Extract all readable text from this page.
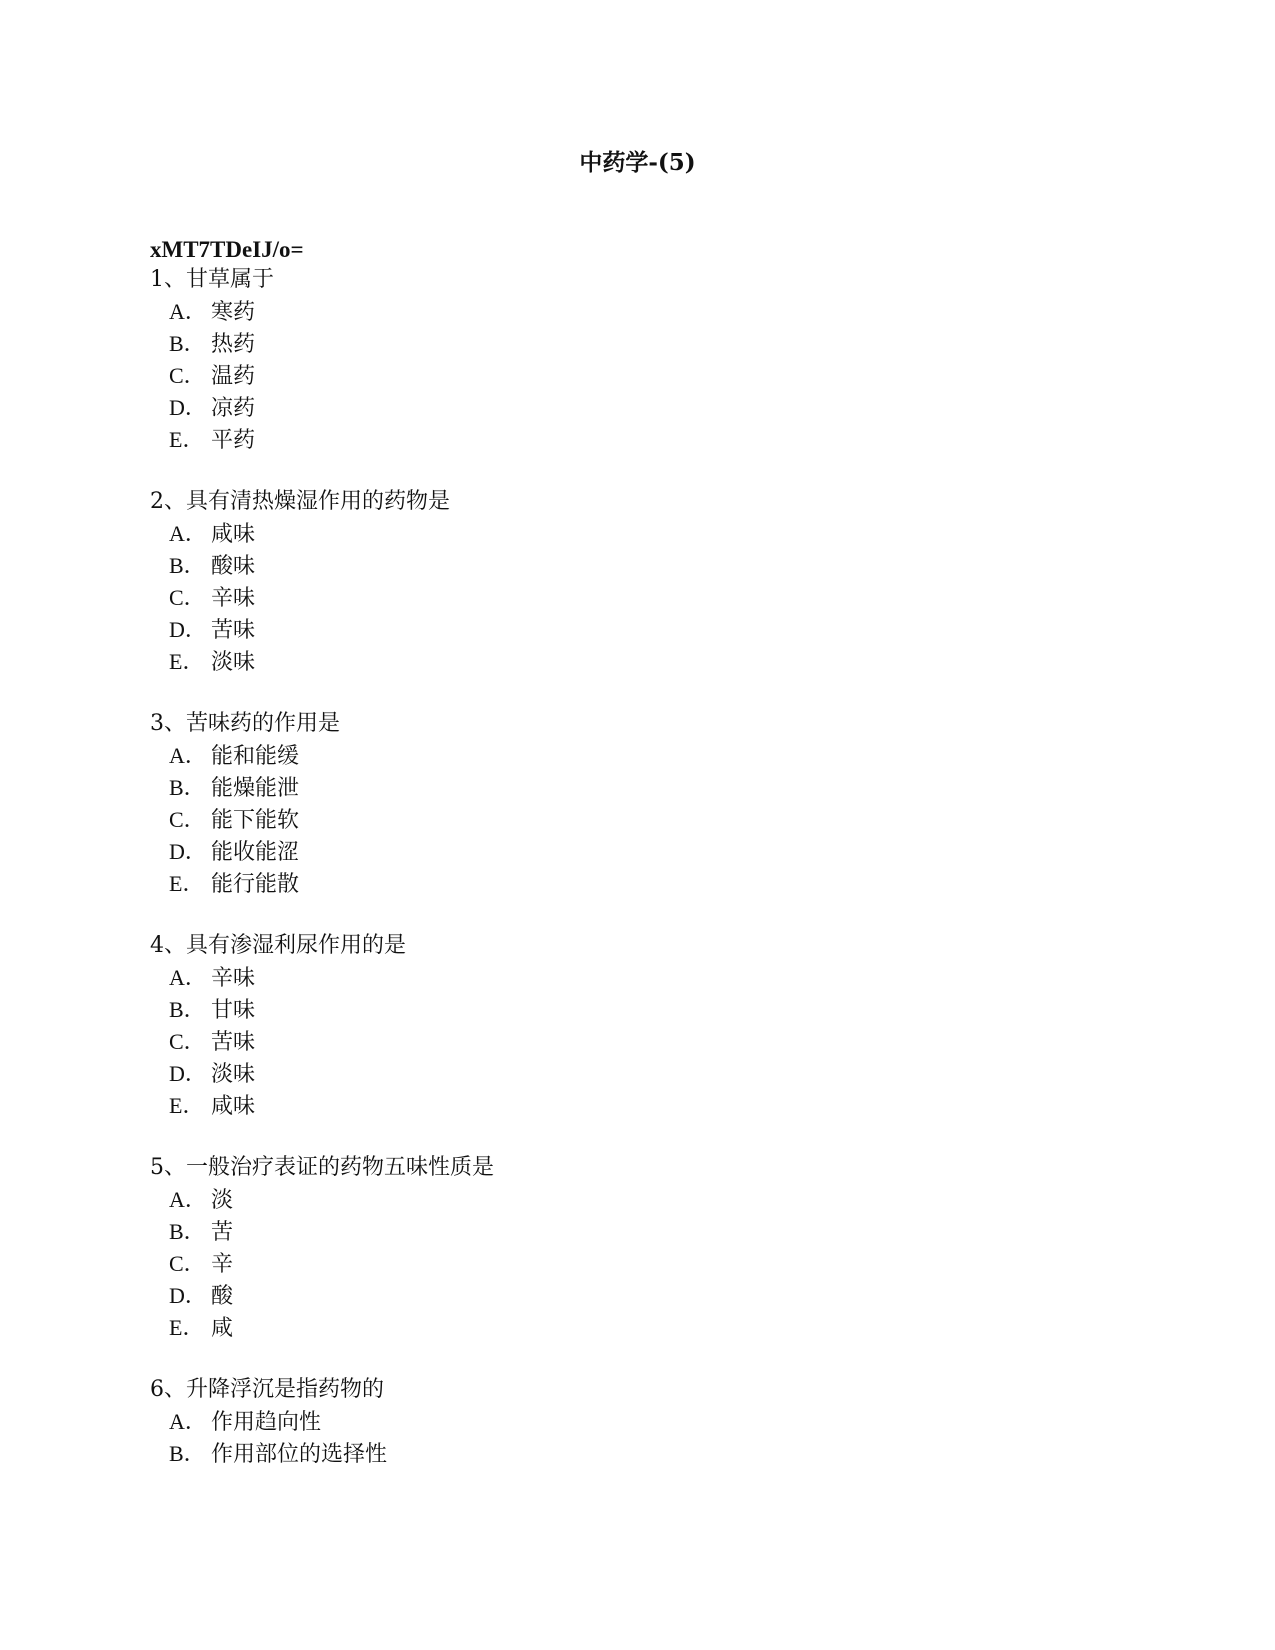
中药学-(5)
xMT7TDeIJ/o=
1、甘草属于
A． 寒药
B． 热药
C． 温药
D． 凉药
E． 平药
2、具有清热燥湿作用的药物是
A． 咸味
B． 酸味
C． 辛味
D． 苦味
E． 淡味
3、苦味药的作用是
A． 能和能缓
B． 能燥能泄
C． 能下能软
D． 能收能涩
E． 能行能散
4、具有渗湿利尿作用的是
A． 辛味
B． 甘味
C． 苦味
D． 淡味
E． 咸味
5、一般治疗表证的药物五味性质是
A． 淡
B． 苦
C． 辛
D． 酸
E． 咸
6、升降浮沉是指药物的
A． 作用趋向性
B． 作用部位的选择性
